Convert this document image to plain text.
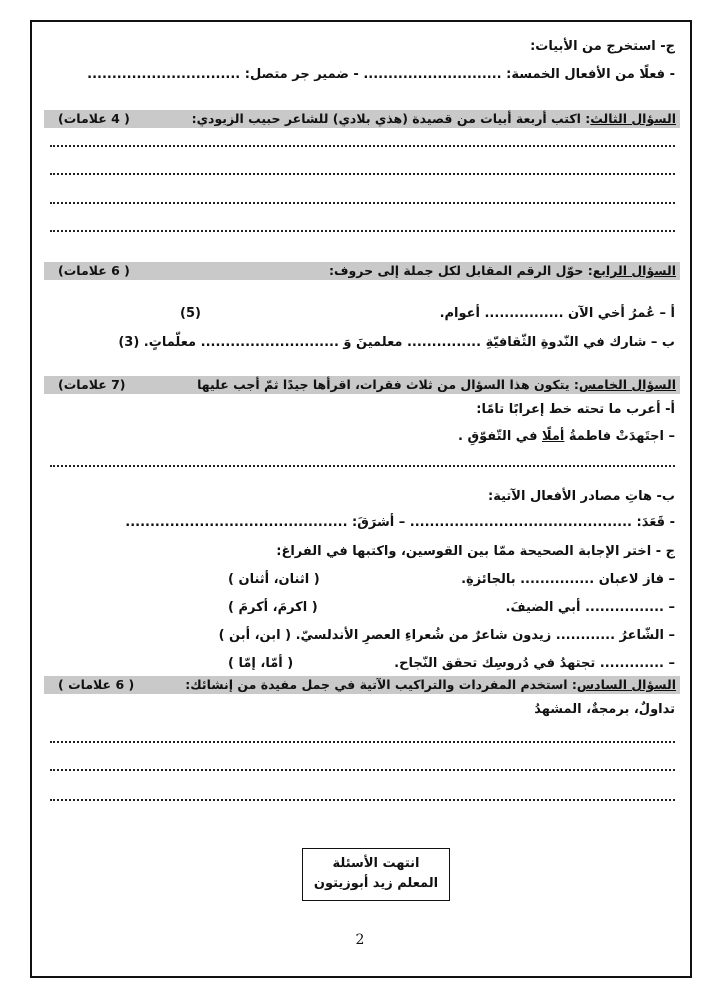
ج- استخرج من الأبيات:
- فعلًا من الأفعال الخمسة: ............................ - ضمير جر متصل: ...............................
السؤال الثالث: اكتب أربعة أبيات من قصيدة (هذي بلادي) للشاعر حبيب الزيودي:
( 4 علامات)
السؤال الرابع: حوّل الرقم المقابل لكل جملة إلى حروف:
( 6 علامات)
أ – عُمرُ أخي الآن ................ أعوام.
(5)
ب – شارك في النّدوةِ الثّقافيّةِ ............... معلمينَ وَ ............................ معلّماتٍ. (3)
السؤال الخامس: يتكون هذا السؤال من ثلاث فقرات، اقرأها جيدًا ثمّ أجب عليها
(7 علامات)
أ- أعرب ما تحته خط إعرابًا تامًا:
– اجتَهدَتْ فاطمةُ أملًا في التّفوّقِ .
ب- هاتِ مصادر الأفعال الآتية:
- قَعَدَ: ............................................. – أشرَقَ: .............................................
ج - اختر الإجابة الصحيحة ممّا بين القوسين، واكتبها في الفراغ:
– فاز لاعبان ............... بالجائزةِ.
( اثنان، أثنان )
– ................ أبي الضيفَ.
( اكرمَ، أكرمَ )
– الشّاعرُ ............ زيدون شاعرٌ من شُعراءِ العصرِ الأندلسيّ. ( ابن، أبن )
– ............. تجتهدُ في دُروسِك تحقق النّجاح.
( أمّا، إمّا )
السؤال السادس: استخدم المفردات والتراكيب الآتية في جمل مفيدة من إنشائك:
( 6 علامات )
تداولٌ، برمجةٌ، المشهدُ
انتهت الأسئلة
المعلم زيد أبوزيتون
2
